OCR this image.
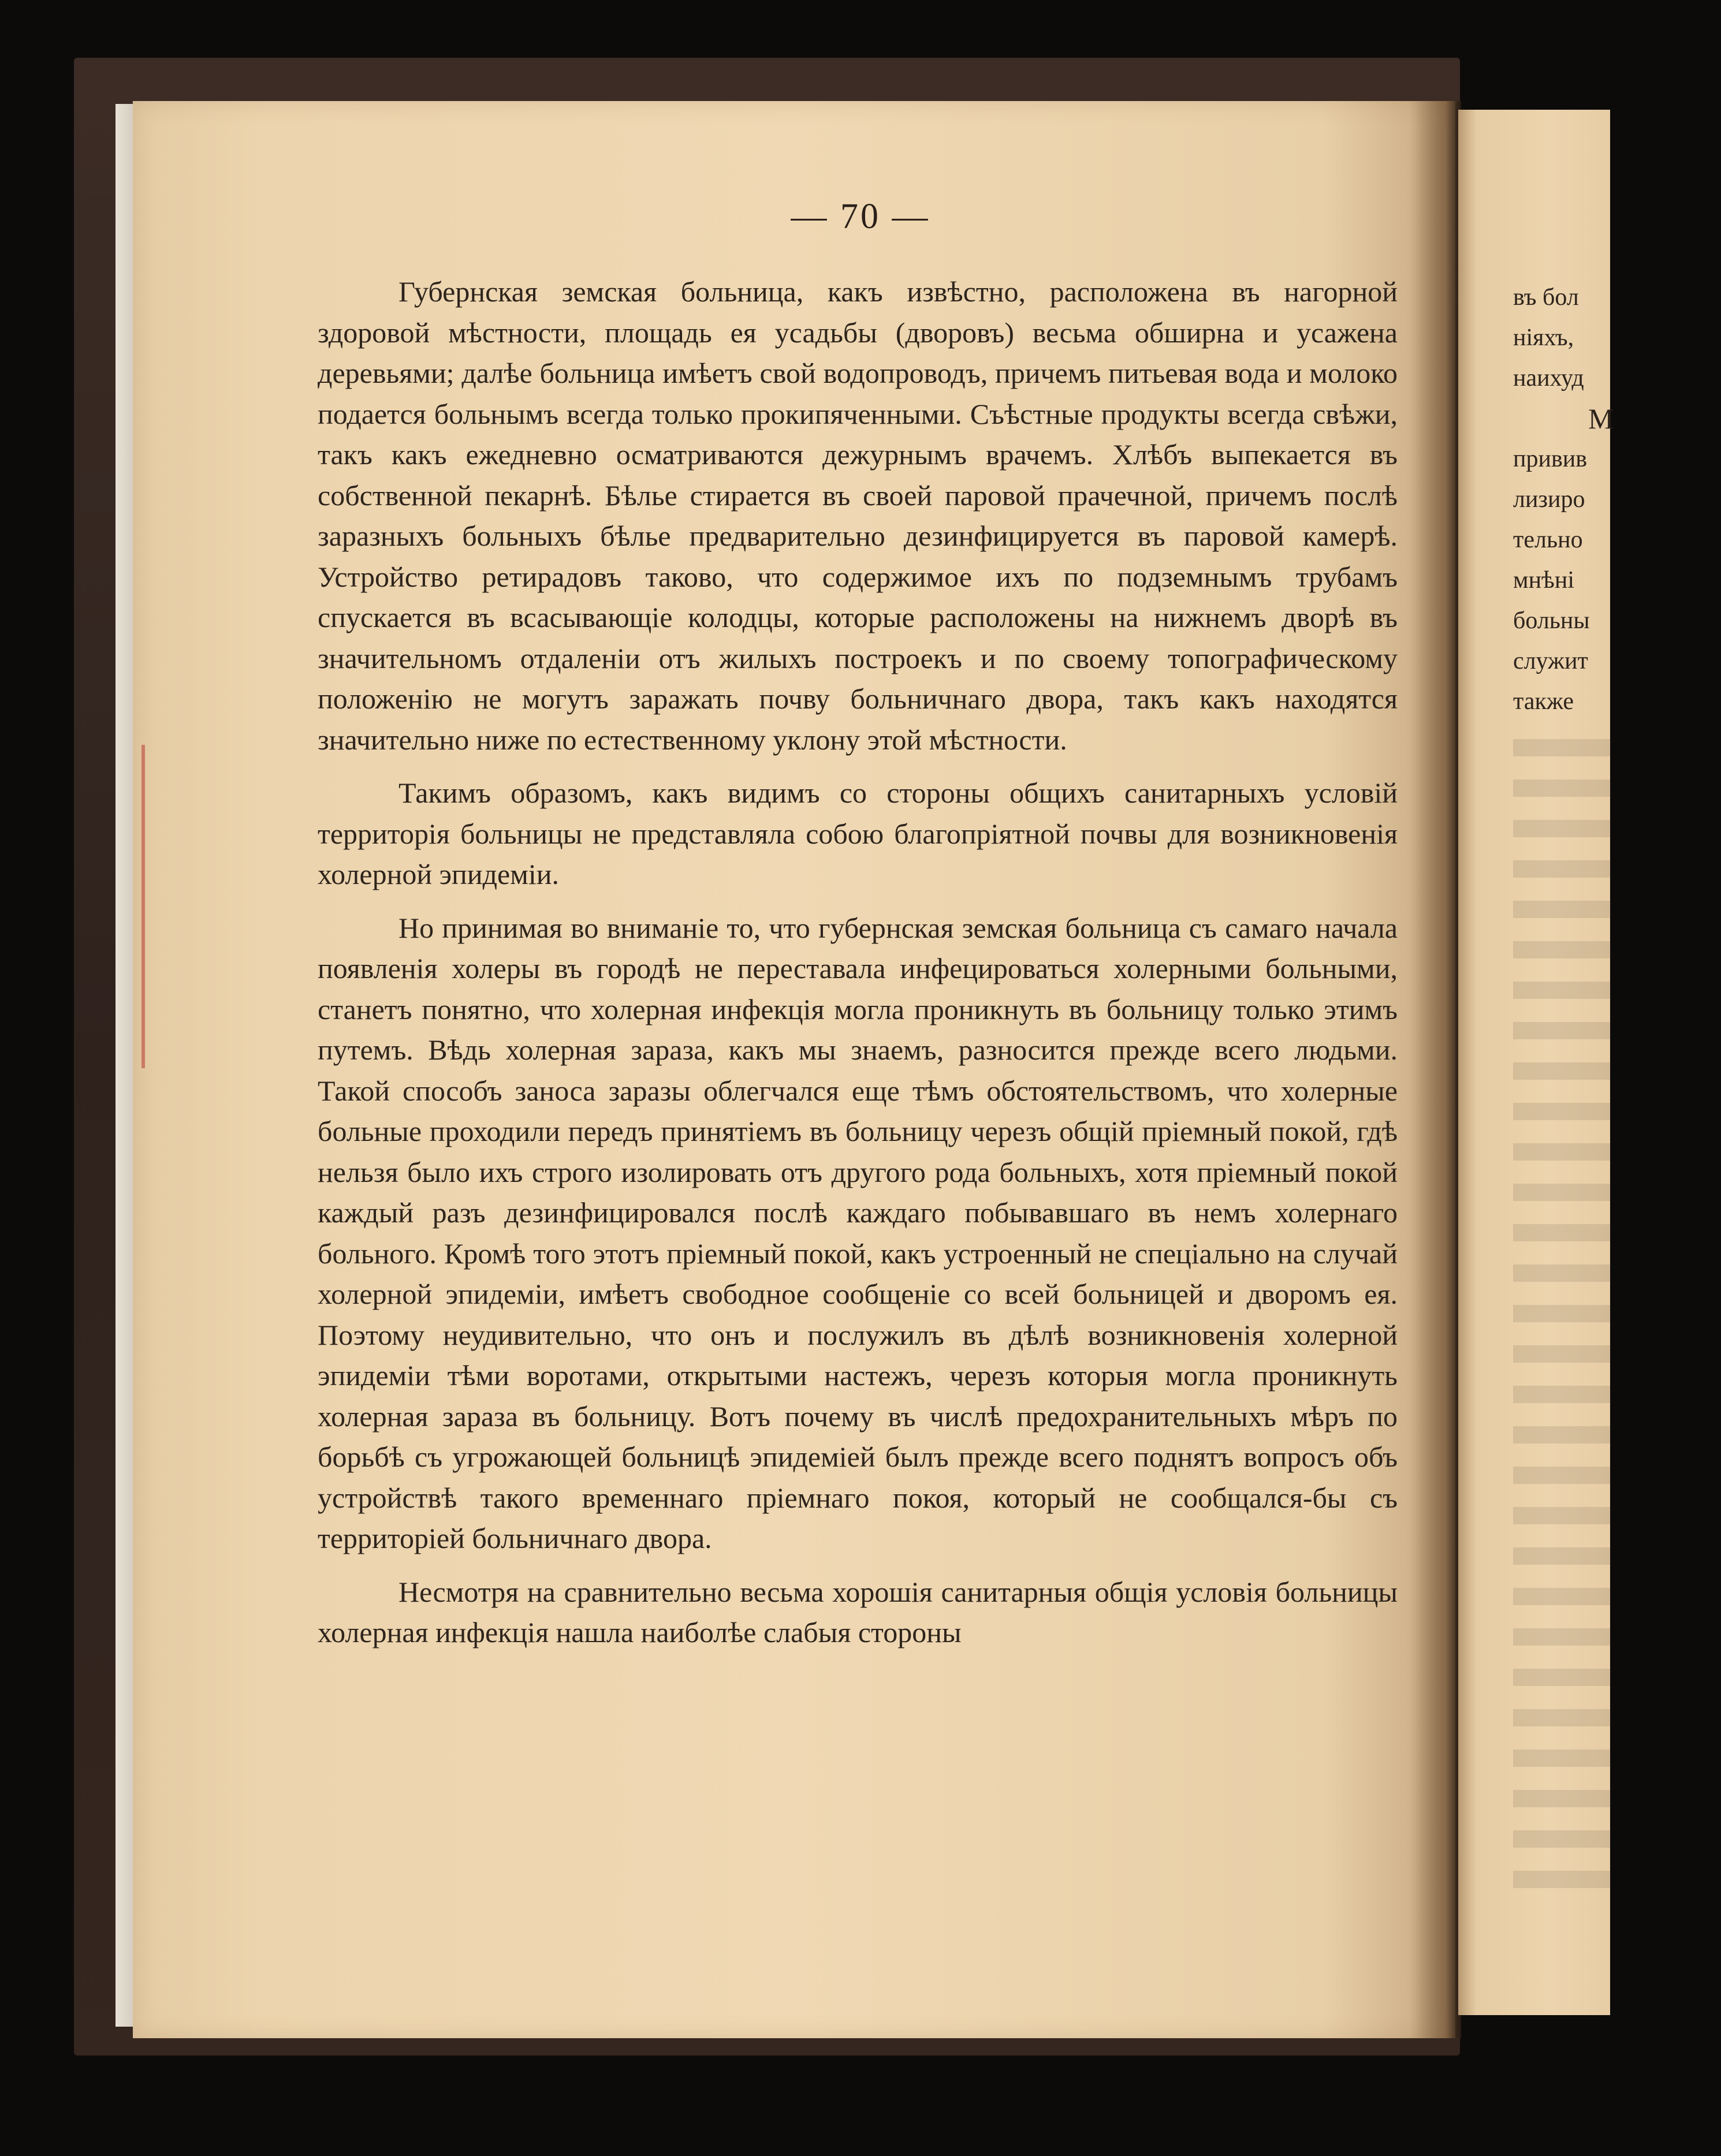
— 70 —

Губернская земская больница, какъ извѣстно, расположена въ нагорной здоровой мѣстности, площадь ея усадьбы (дворовъ) весьма обширна и усажена деревьями; далѣе больница имѣетъ свой водопроводъ, причемъ питьевая вода и молоко подается больнымъ всегда только прокипяченными. Съѣстные продукты всегда свѣжи, такъ какъ ежедневно осматриваются дежурнымъ врачемъ. Хлѣбъ выпекается въ собственной пекарнѣ. Бѣлье стирается въ своей паровой прачечной, причемъ послѣ заразныхъ больныхъ бѣлье предварительно дезинфицируется въ паровой камерѣ. Устройство ретирадовъ таково, что содержимое ихъ по подземнымъ трубамъ спускается въ всасывающіе колодцы, которые расположены на нижнемъ дворѣ въ значительномъ отдаленіи отъ жилыхъ построекъ и по своему топографическому положенію не могутъ заражать почву больничнаго двора, такъ какъ находятся значительно ниже по естественному уклону этой мѣстности.

Такимъ образомъ, какъ видимъ со стороны общихъ санитарныхъ условій территорія больницы не представляла собою благопріятной почвы для возникновенія холерной эпидеміи.

Но принимая во вниманіе то, что губернская земская больница съ самаго начала появленія холеры въ городѣ не переставала инфецироваться холерными больными, станетъ понятно, что холерная инфекція могла проникнуть въ больницу только этимъ путемъ. Вѣдь холерная зараза, какъ мы знаемъ, разносится прежде всего людьми. Такой способъ заноса заразы облегчался еще тѣмъ обстоятельствомъ, что холерные больные проходили передъ принятіемъ въ больницу черезъ общій пріемный покой, гдѣ нельзя было ихъ строго изолировать отъ другого рода больныхъ, хотя пріемный покой каждый разъ дезинфицировался послѣ каждаго побывавшаго въ немъ холернаго больного. Кромѣ того этотъ пріемный покой, какъ устроенный не спеціально на случай холерной эпидеміи, имѣетъ свободное сообщеніе со всей больницей и дворомъ ея. Поэтому неудивительно, что онъ и послужилъ въ дѣлѣ возникновенія холерной эпидеміи тѣми воротами, открытыми настежъ, черезъ которыя могла проникнуть холерная зараза въ больницу. Вотъ почему въ числѣ предохранительныхъ мѣръ по борьбѣ съ угрожающей больницѣ эпидеміей былъ прежде всего поднятъ вопросъ объ устройствѣ такого временнаго пріемнаго покоя, который не сообщался-бы съ территоріей больничнаго двора.

Несмотря на сравнительно весьма хорошія санитарныя общія условія больницы холерная инфекція нашла наиболѣе слабыя стороны

въ бол
ніяхъ,
наихуд
М
привив
лизиро
тельно
мнѣні
больны
служит
также
